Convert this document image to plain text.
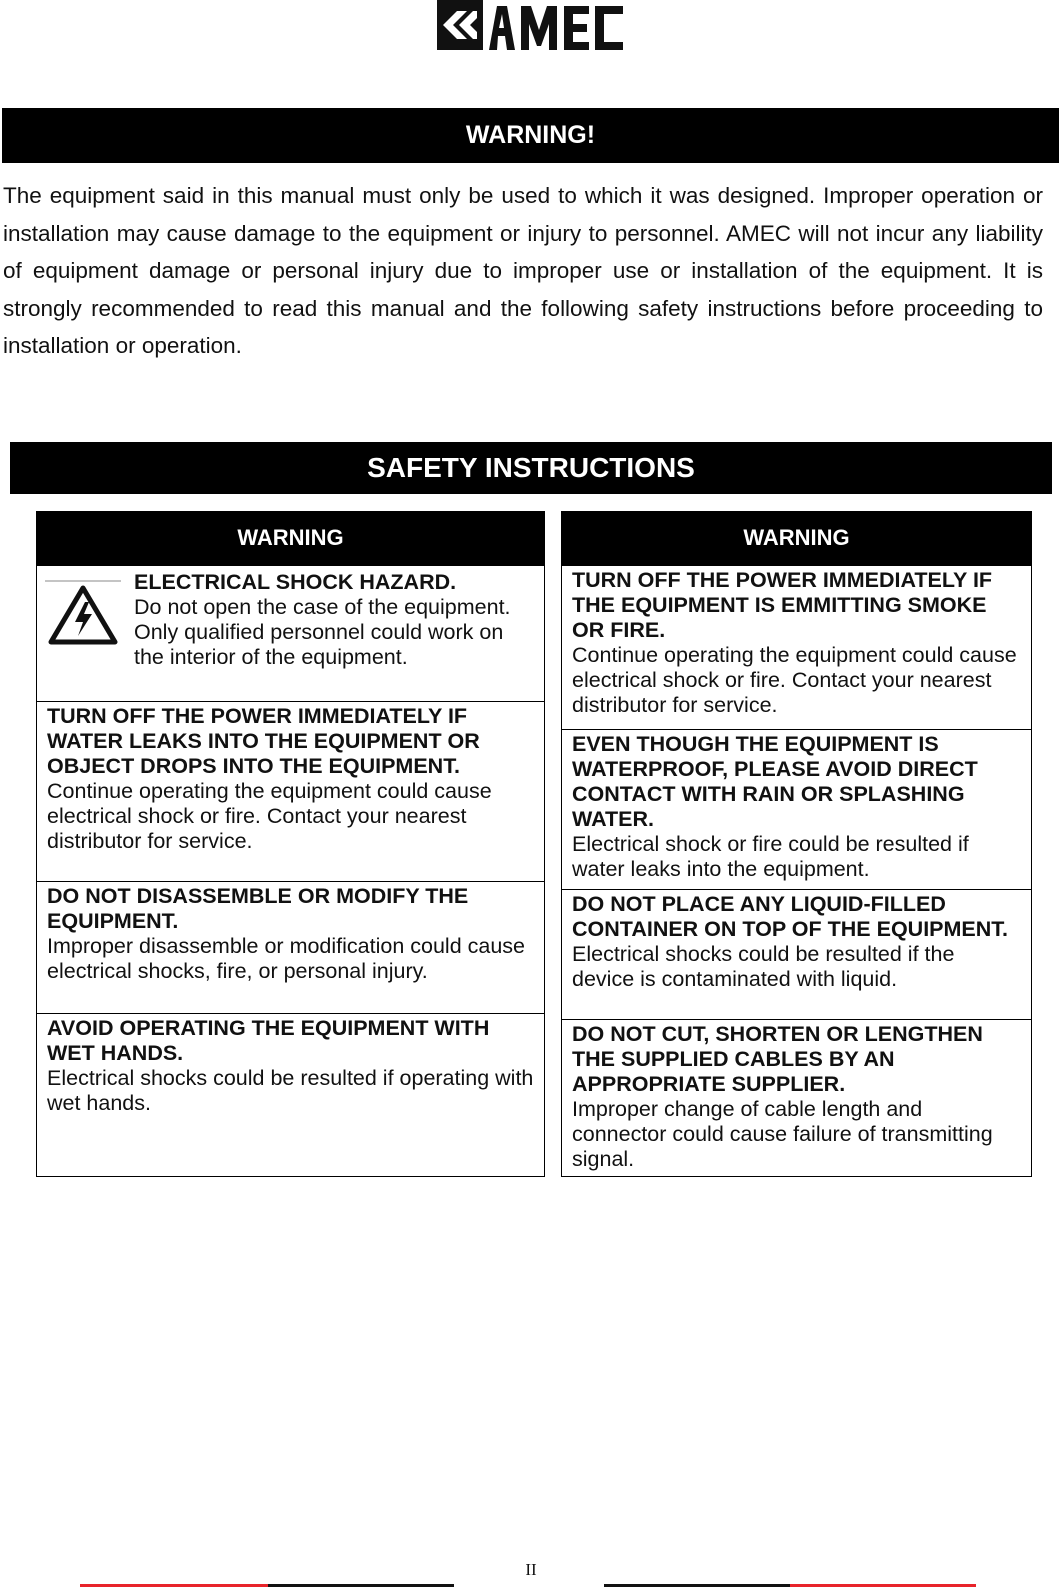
WARNING!

The equipment said in this manual must only be used to which it was designed. Improper operation or installation may cause damage to the equipment or injury to personnel. AMEC will not incur any liability of equipment damage or personal injury due to improper use or installation of the equipment. It is strongly recommended to read this manual and the following safety instructions before proceeding to installation or operation.

SAFETY INSTRUCTIONS
WARNING
ELECTRICAL SHOCK HAZARD.
Do not open the case of the equipment. Only qualified personnel could work on the interior of the equipment.
TURN OFF THE POWER IMMEDIATELY IF WATER LEAKS INTO THE EQUIPMENT OR OBJECT DROPS INTO THE EQUIPMENT.
Continue operating the equipment could cause electrical shock or fire. Contact your nearest distributor for service.
DO NOT DISASSEMBLE OR MODIFY THE EQUIPMENT.
Improper disassemble or modification could cause electrical shocks, fire, or personal injury.
AVOID OPERATING THE EQUIPMENT WITH WET HANDS.
Electrical shocks could be resulted if operating with wet hands.
WARNING
TURN OFF THE POWER IMMEDIATELY IF THE EQUIPMENT IS EMMITTING SMOKE OR FIRE.
Continue operating the equipment could cause electrical shock or fire. Contact your nearest distributor for service.
EVEN THOUGH THE EQUIPMENT IS WATERPROOF, PLEASE AVOID DIRECT CONTACT WITH RAIN OR SPLASHING WATER.
Electrical shock or fire could be resulted if water leaks into the equipment.
DO NOT PLACE ANY LIQUID-FILLED CONTAINER ON TOP OF THE EQUIPMENT.
Electrical shocks could be resulted if the device is contaminated with liquid.
DO NOT CUT, SHORTEN OR LENGTHEN THE SUPPLIED CABLES BY AN APPROPRIATE SUPPLIER.
Improper change of cable length and connector could cause failure of transmitting signal.
II
